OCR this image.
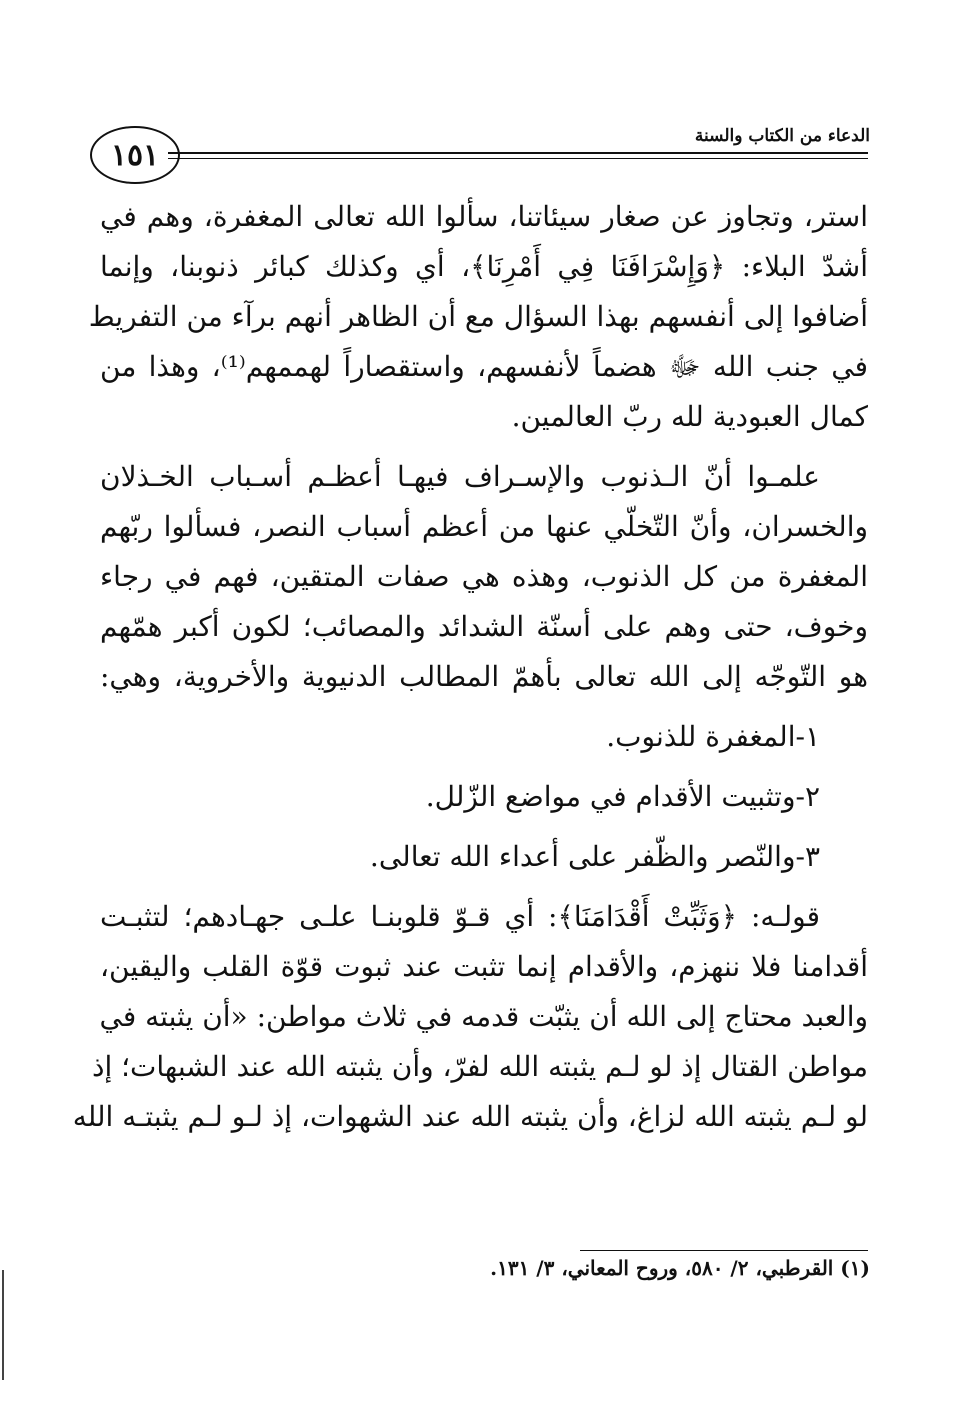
الدعاء من الكتاب والسنة
١٥١
استر، وتجاوز عن صغار سيئاتنا، سألوا الله تعالى المغفرة، وهم في
أشدّ البلاء: ﴿وَإِسْرَافَنَا فِي أَمْرِنَا﴾، أي وكذلك كبائر ذنوبنا، وإنما
أضافوا إلى أنفسهم بهذا السؤال مع أن الظاهر أنهم برآء من التفريط
في جنب الله ﷻ هضماً لأنفسهم، واستقصاراً لهممهم⁽¹⁾، وهذا من
كمال العبودية لله ربّ العالمين.
علمـوا أنّ الـذنوب والإسـراف فيهـا أعظـم أسـباب الخـذلان
والخسران، وأنّ التّخلّي عنها من أعظم أسباب النصر، فسألوا ربّهم
المغفرة من كل الذنوب، وهذه هي صفات المتقين، فهم في رجاء
وخوف، حتى وهم على أسنّة الشدائد والمصائب؛ لكون أكبر همّهم
هو التّوجّه إلى الله تعالى بأهمّ المطالب الدنيوية والأخروية، وهي:
١-المغفرة للذنوب.
٢-وتثبيت الأقدام في مواضع الزّلل.
٣-والنّصر والظّفر على أعداء الله تعالى.
قولـه: ﴿وَثَبِّتْ أَقْدَامَنَا﴾: أي قـوّ قلوبنـا علـى جهـادهم؛ لتثبـت
أقدامنا فلا ننهزم، والأقدام إنما تثبت عند ثبوت قوّة القلب واليقين،
والعبد محتاج إلى الله أن يثبّت قدمه في ثلاث مواطن: «أن يثبته في
مواطن القتال إذ لو لـم يثبته الله لفرّ، وأن يثبته الله عند الشبهات؛ إذ
لو لـم يثبته الله لزاغ، وأن يثبته الله عند الشهوات، إذ لـو لـم يثبتـه الله
(١) القرطبي، ٢/ ٥٨٠، وروح المعاني، ٣/ ١٣١.
